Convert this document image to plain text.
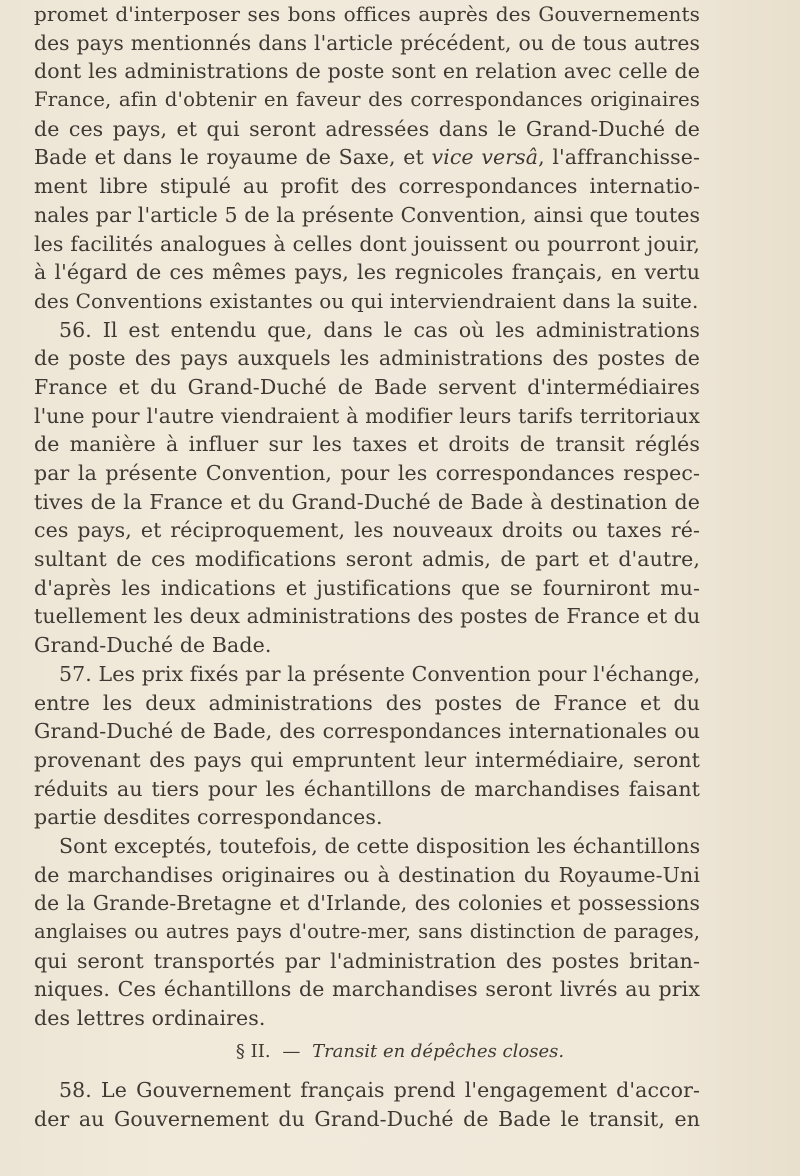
promet d'interposer ses bons offices auprès des Gouvernements
des pays mentionnés dans l'article précédent, ou de tous autres
dont les administrations de poste sont en relation avec celle de
France, afin d'obtenir en faveur des correspondances originaires
de ces pays, et qui seront adressées dans le Grand-Duché de
Bade et dans le royaume de Saxe, et vice versâ, l'affranchisse-
ment libre stipulé au profit des correspondances internatio-
nales par l'article 5 de la présente Convention, ainsi que toutes
les facilités analogues à celles dont jouissent ou pourront jouir,
à l'égard de ces mêmes pays, les regnicoles français, en vertu
des Conventions existantes ou qui interviendraient dans la suite.
56. Il est entendu que, dans le cas où les administrations
de poste des pays auxquels les administrations des postes de
France et du Grand-Duché de Bade servent d'intermédiaires
l'une pour l'autre viendraient à modifier leurs tarifs territoriaux
de manière à influer sur les taxes et droits de transit réglés
par la présente Convention, pour les correspondances respec-
tives de la France et du Grand-Duché de Bade à destination de
ces pays, et réciproquement, les nouveaux droits ou taxes ré-
sultant de ces modifications seront admis, de part et d'autre,
d'après les indications et justifications que se fourniront mu-
tuellement les deux administrations des postes de France et du
Grand-Duché de Bade.
57. Les prix fixés par la présente Convention pour l'échange,
entre les deux administrations des postes de France et du
Grand-Duché de Bade, des correspondances internationales ou
provenant des pays qui empruntent leur intermédiaire, seront
réduits au tiers pour les échantillons de marchandises faisant
partie desdites correspondances.
Sont exceptés, toutefois, de cette disposition les échantillons
de marchandises originaires ou à destination du Royaume-Uni
de la Grande-Bretagne et d'Irlande, des colonies et possessions
anglaises ou autres pays d'outre-mer, sans distinction de parages,
qui seront transportés par l'administration des postes britan-
niques. Ces échantillons de marchandises seront livrés au prix
des lettres ordinaires.
§ II. — Transit en dépêches closes.
58. Le Gouvernement français prend l'engagement d'accor-
der au Gouvernement du Grand-Duché de Bade le transit, en
